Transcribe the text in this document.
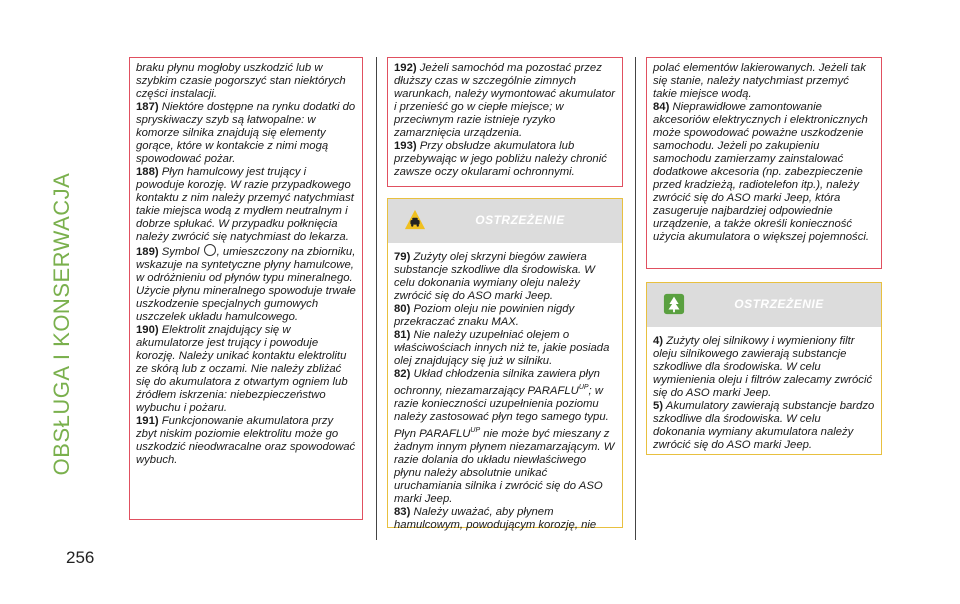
OBSŁUGA I KONSERWACJA
256

braku płynu mogłoby uszkodzić lub w szybkim czasie pogorszyć stan niektórych części instalacji.

187) Niektóre dostępne na rynku dodatki do spryskiwaczy szyb są łatwopalne: w komorze silnika znajdują się elementy gorące, które w kontakcie z nimi mogą spowodować pożar.

188) Płyn hamulcowy jest trujący i powoduje korozję. W razie przypadkowego kontaktu z nim należy przemyć natychmiast takie miejsca wodą z mydłem neutralnym i dobrze spłukać. W przypadku połknięcia należy zwrócić się natychmiast do lekarza.

189) Symbol , umieszczony na zbiorniku, wskazuje na syntetyczne płyny hamulcowe, w odróżnieniu od płynów typu mineralnego. Użycie płynu mineralnego spowoduje trwałe uszkodzenie specjalnych gumowych uszczelek układu hamulcowego.

190) Elektrolit znajdujący się w akumulatorze jest trujący i powoduje korozję. Należy unikać kontaktu elektrolitu ze skórą lub z oczami. Nie należy zbliżać się do akumulatora z otwartym ogniem lub źródłem iskrzenia: niebezpieczeństwo wybuchu i pożaru.

191) Funkcjonowanie akumulatora przy zbyt niskim poziomie elektrolitu może go uszkodzić nieodwracalne oraz spowodować wybuch.

192) Jeżeli samochód ma pozostać przez dłuższy czas w szczególnie zimnych warunkach, należy wymontować akumulator i przenieść go w ciepłe miejsce; w przeciwnym razie istnieje ryzyko zamarznięcia urządzenia.

193) Przy obsłudze akumulatora lub przebywając w jego pobliżu należy chronić zawsze oczy okularami ochronnymi.

OSTRZEŻENIE

79) Zużyty olej skrzyni biegów zawiera substancje szkodliwe dla środowiska. W celu dokonania wymiany oleju należy zwrócić się do ASO marki Jeep.

80) Poziom oleju nie powinien nigdy przekraczać znaku MAX.

81) Nie należy uzupełniać olejem o właściwościach innych niż te, jakie posiada olej znajdujący się już w silniku.

82) Układ chłodzenia silnika zawiera płyn ochronny, niezamarzający $PARAFLU^{UP}$; w razie konieczności uzupełnienia poziomu należy zastosować płyn tego samego typu. Płyn $PARAFLU^{UP}$ nie może być mieszany z żadnym innym płynem niezamarzającym. W razie dolania do układu niewłaściwego płynu należy absolutnie unikać uruchamiania silnika i zwrócić się do ASO marki Jeep.

83) Należy uważać, aby płynem hamulcowym, powodującym korozję, nie

polać elementów lakierowanych. Jeżeli tak się stanie, należy natychmiast przemyć takie miejsce wodą.

84) Nieprawidłowe zamontowanie akcesoriów elektrycznych i elektronicznych może spowodować poważne uszkodzenie samochodu. Jeżeli po zakupieniu samochodu zamierzamy zainstalować dodatkowe akcesoria (np. zabezpieczenie przed kradzieżą, radiotelefon itp.), należy zwrócić się do ASO marki Jeep, która zasugeruje najbardziej odpowiednie urządzenie, a także określi konieczność użycia akumulatora o większej pojemności.

OSTRZEŻENIE

4) Zużyty olej silnikowy i wymieniony filtr oleju silnikowego zawierają substancje szkodliwe dla środowiska. W celu wymienienia oleju i filtrów zalecamy zwrócić się do ASO marki Jeep.

5) Akumulatory zawierają substancje bardzo szkodliwe dla środowiska. W celu dokonania wymiany akumulatora należy zwrócić się do ASO marki Jeep.
